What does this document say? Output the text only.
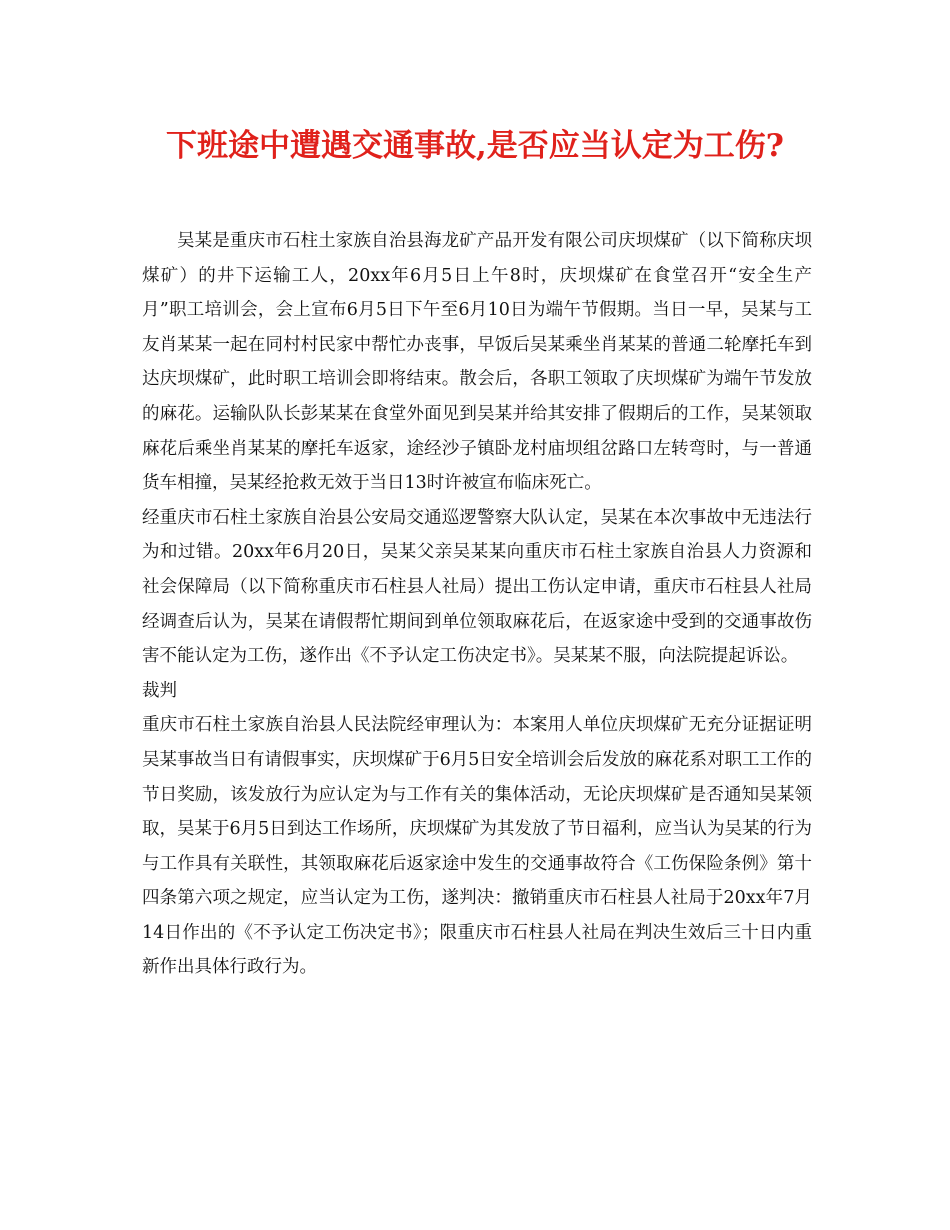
下班途中遭遇交通事故,是否应当认定为工伤?

吴某是重庆市石柱土家族自治县海龙矿产品开发有限公司庆坝煤矿（以下简称庆坝煤矿）的井下运输工人，20xx年6月5日上午8时，庆坝煤矿在食堂召开“安全生产月”职工培训会，会上宣布6月5日下午至6月10日为端午节假期。当日一早，吴某与工友肖某某一起在同村村民家中帮忙办丧事，早饭后吴某乘坐肖某某的普通二轮摩托车到达庆坝煤矿，此时职工培训会即将结束。散会后，各职工领取了庆坝煤矿为端午节发放的麻花。运输队队长彭某某在食堂外面见到吴某并给其安排了假期后的工作，吴某领取麻花后乘坐肖某某的摩托车返家，途经沙子镇卧龙村庙坝组岔路口左转弯时，与一普通货车相撞，吴某经抢救无效于当日13时许被宣布临床死亡。

经重庆市石柱土家族自治县公安局交通巡逻警察大队认定，吴某在本次事故中无违法行为和过错。20xx年6月20日，吴某父亲吴某某向重庆市石柱土家族自治县人力资源和社会保障局（以下简称重庆市石柱县人社局）提出工伤认定申请，重庆市石柱县人社局经调查后认为，吴某在请假帮忙期间到单位领取麻花后，在返家途中受到的交通事故伤害不能认定为工伤，遂作出《不予认定工伤决定书》。吴某某不服，向法院提起诉讼。

裁判

重庆市石柱土家族自治县人民法院经审理认为：本案用人单位庆坝煤矿无充分证据证明吴某事故当日有请假事实，庆坝煤矿于6月5日安全培训会后发放的麻花系对职工工作的节日奖励，该发放行为应认定为与工作有关的集体活动，无论庆坝煤矿是否通知吴某领取，吴某于6月5日到达工作场所，庆坝煤矿为其发放了节日福利，应当认为吴某的行为与工作具有关联性，其领取麻花后返家途中发生的交通事故符合《工伤保险条例》第十四条第六项之规定，应当认定为工伤，遂判决：撤销重庆市石柱县人社局于20xx年7月14日作出的《不予认定工伤决定书》；限重庆市石柱县人社局在判决生效后三十日内重新作出具体行政行为。
